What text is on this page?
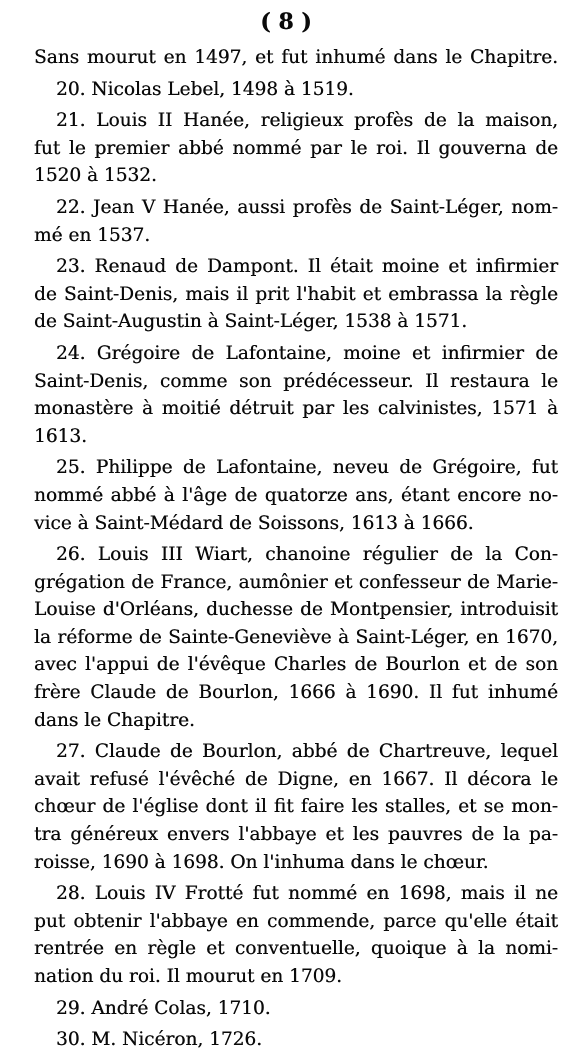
( 8 )
Sans mourut en 1497, et fut inhumé dans le Chapitre.
20. Nicolas Lebel, 1498 à 1519.
21. Louis II Hanée, religieux profès de la maison,
fut le premier abbé nommé par le roi. Il gouverna de
1520 à 1532.
22. Jean V Hanée, aussi profès de Saint-Léger, nom-
mé en 1537.
23. Renaud de Dampont. Il était moine et infirmier
de Saint-Denis, mais il prit l'habit et embrassa la règle
de Saint-Augustin à Saint-Léger, 1538 à 1571.
24. Grégoire de Lafontaine, moine et infirmier de
Saint-Denis, comme son prédécesseur. Il restaura le
monastère à moitié détruit par les calvinistes, 1571 à
1613.
25. Philippe de Lafontaine, neveu de Grégoire, fut
nommé abbé à l'âge de quatorze ans, étant encore no-
vice à Saint-Médard de Soissons, 1613 à 1666.
26. Louis III Wiart, chanoine régulier de la Con-
grégation de France, aumônier et confesseur de Marie-
Louise d'Orléans, duchesse de Montpensier, introduisit
la réforme de Sainte-Geneviève à Saint-Léger, en 1670,
avec l'appui de l'évêque Charles de Bourlon et de son
frère Claude de Bourlon, 1666 à 1690. Il fut inhumé
dans le Chapitre.
27. Claude de Bourlon, abbé de Chartreuve, lequel
avait refusé l'évêché de Digne, en 1667. Il décora le
chœur de l'église dont il fit faire les stalles, et se mon-
tra généreux envers l'abbaye et les pauvres de la pa-
roisse, 1690 à 1698. On l'inhuma dans le chœur.
28. Louis IV Frotté fut nommé en 1698, mais il ne
put obtenir l'abbaye en commende, parce qu'elle était
rentrée en règle et conventuelle, quoique à la nomi-
nation du roi. Il mourut en 1709.
29. André Colas, 1710.
30. M. Nicéron, 1726.
